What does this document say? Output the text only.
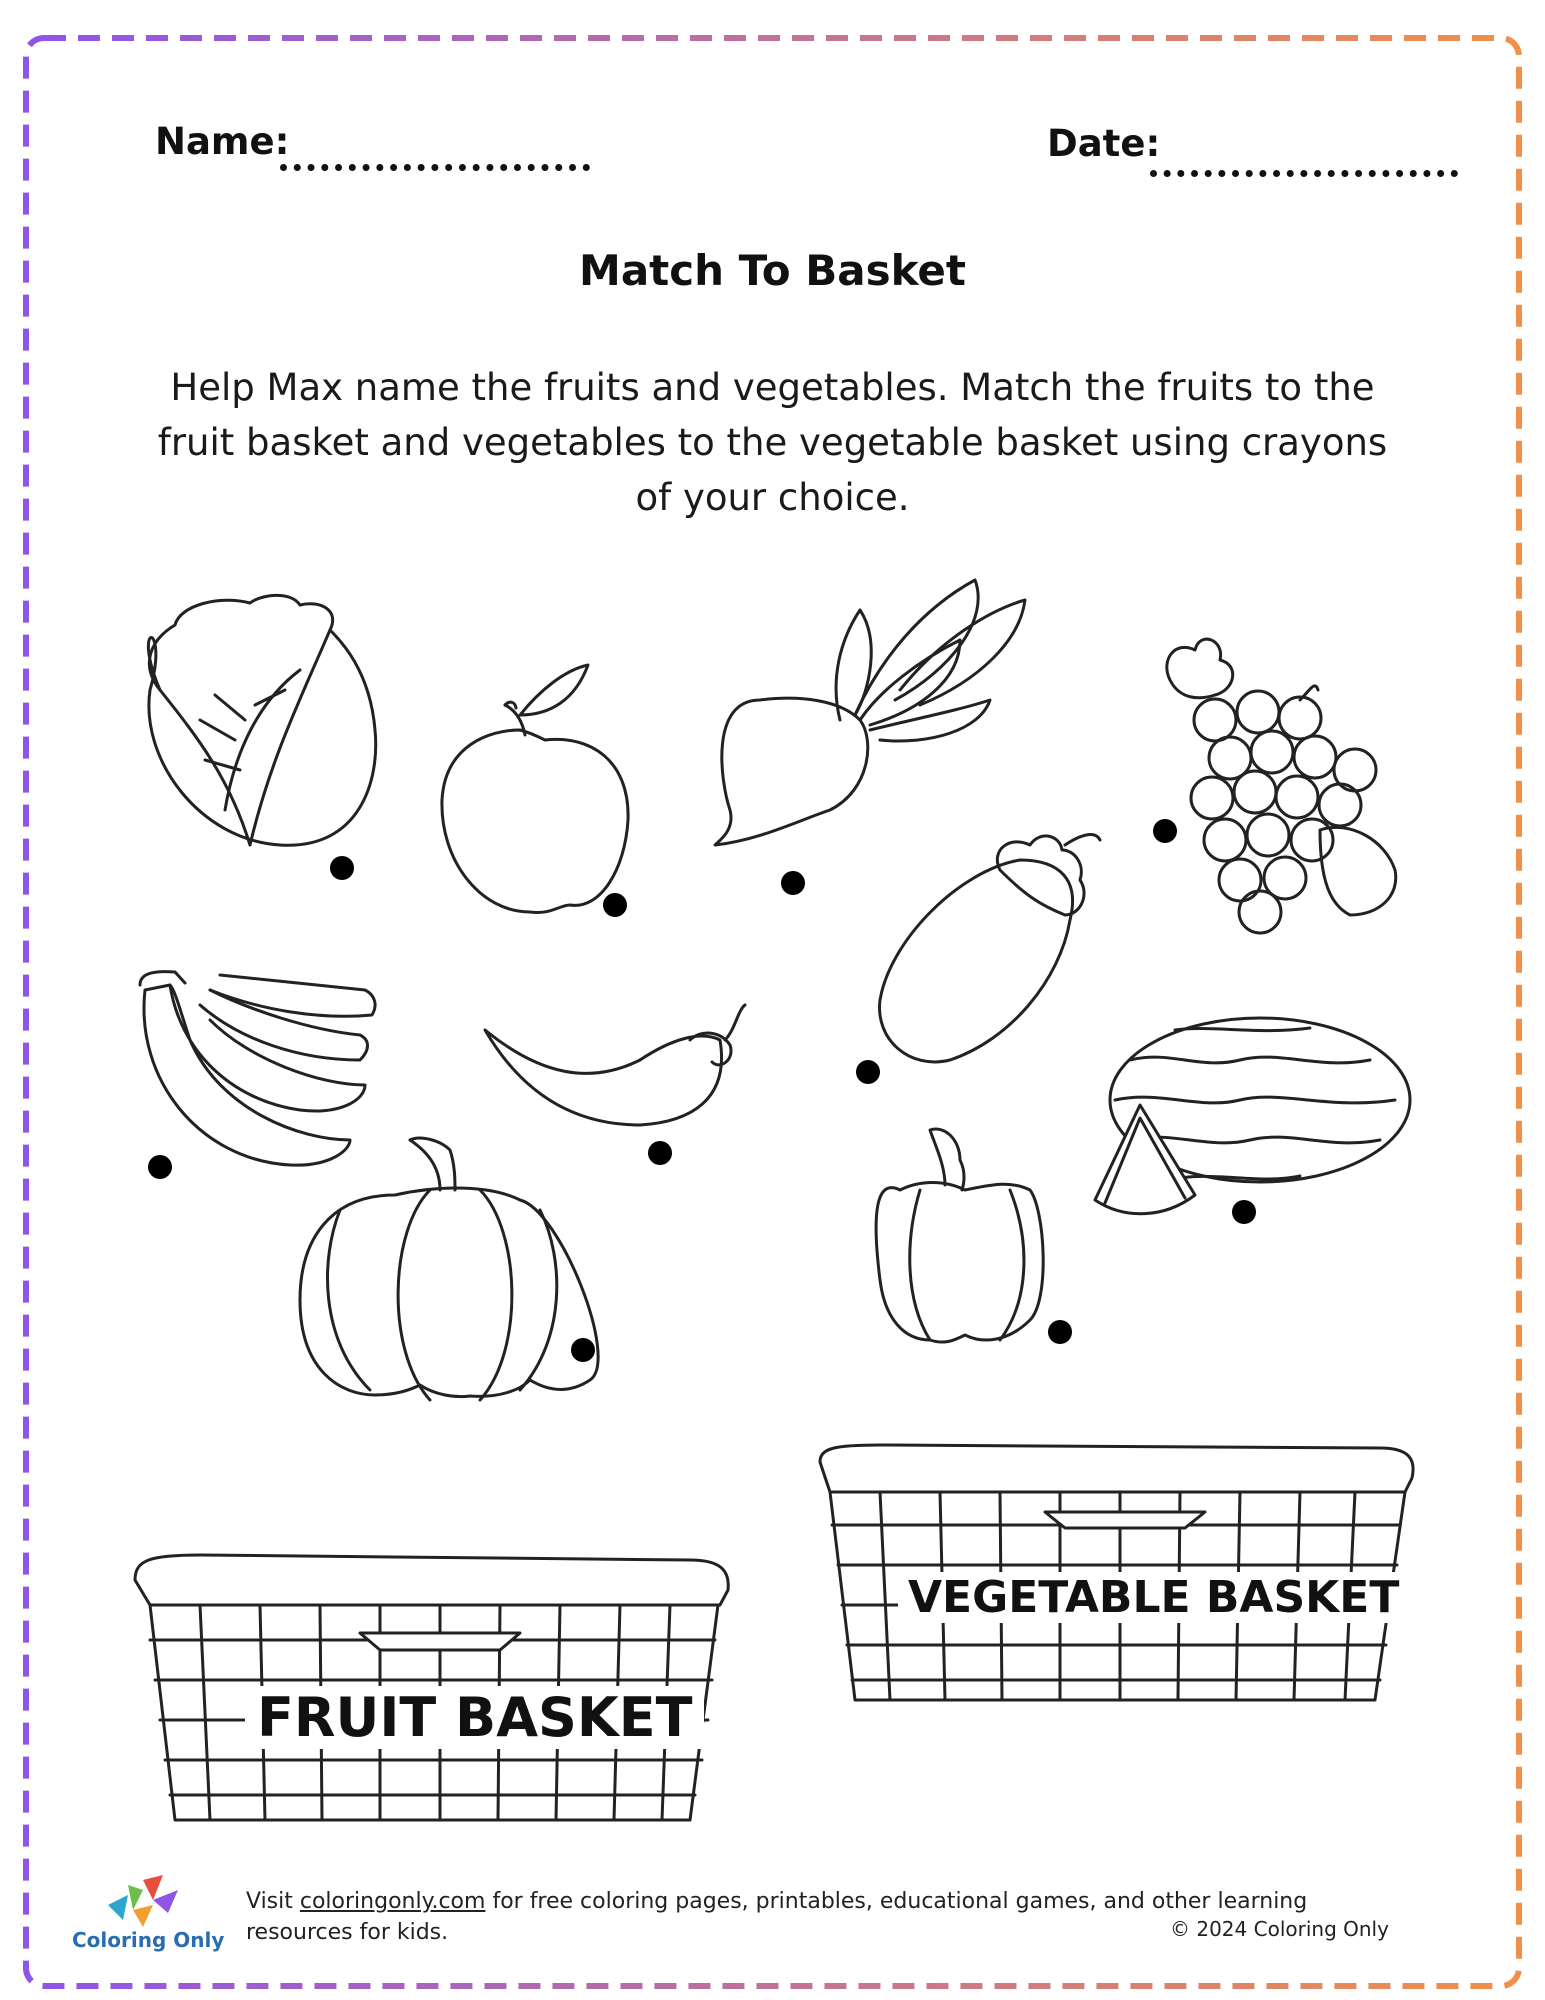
Name:	Date:
Match To Basket
Help Max name the fruits and vegetables. Match the fruits to the fruit basket and vegetables to the vegetable basket using crayons of your choice.
FRUIT BASKET
VEGETABLE BASKET
Coloring Only
Visit coloringonly.com for free coloring pages, printables, educational games, and other learning resources for kids.	© 2024 Coloring Only
